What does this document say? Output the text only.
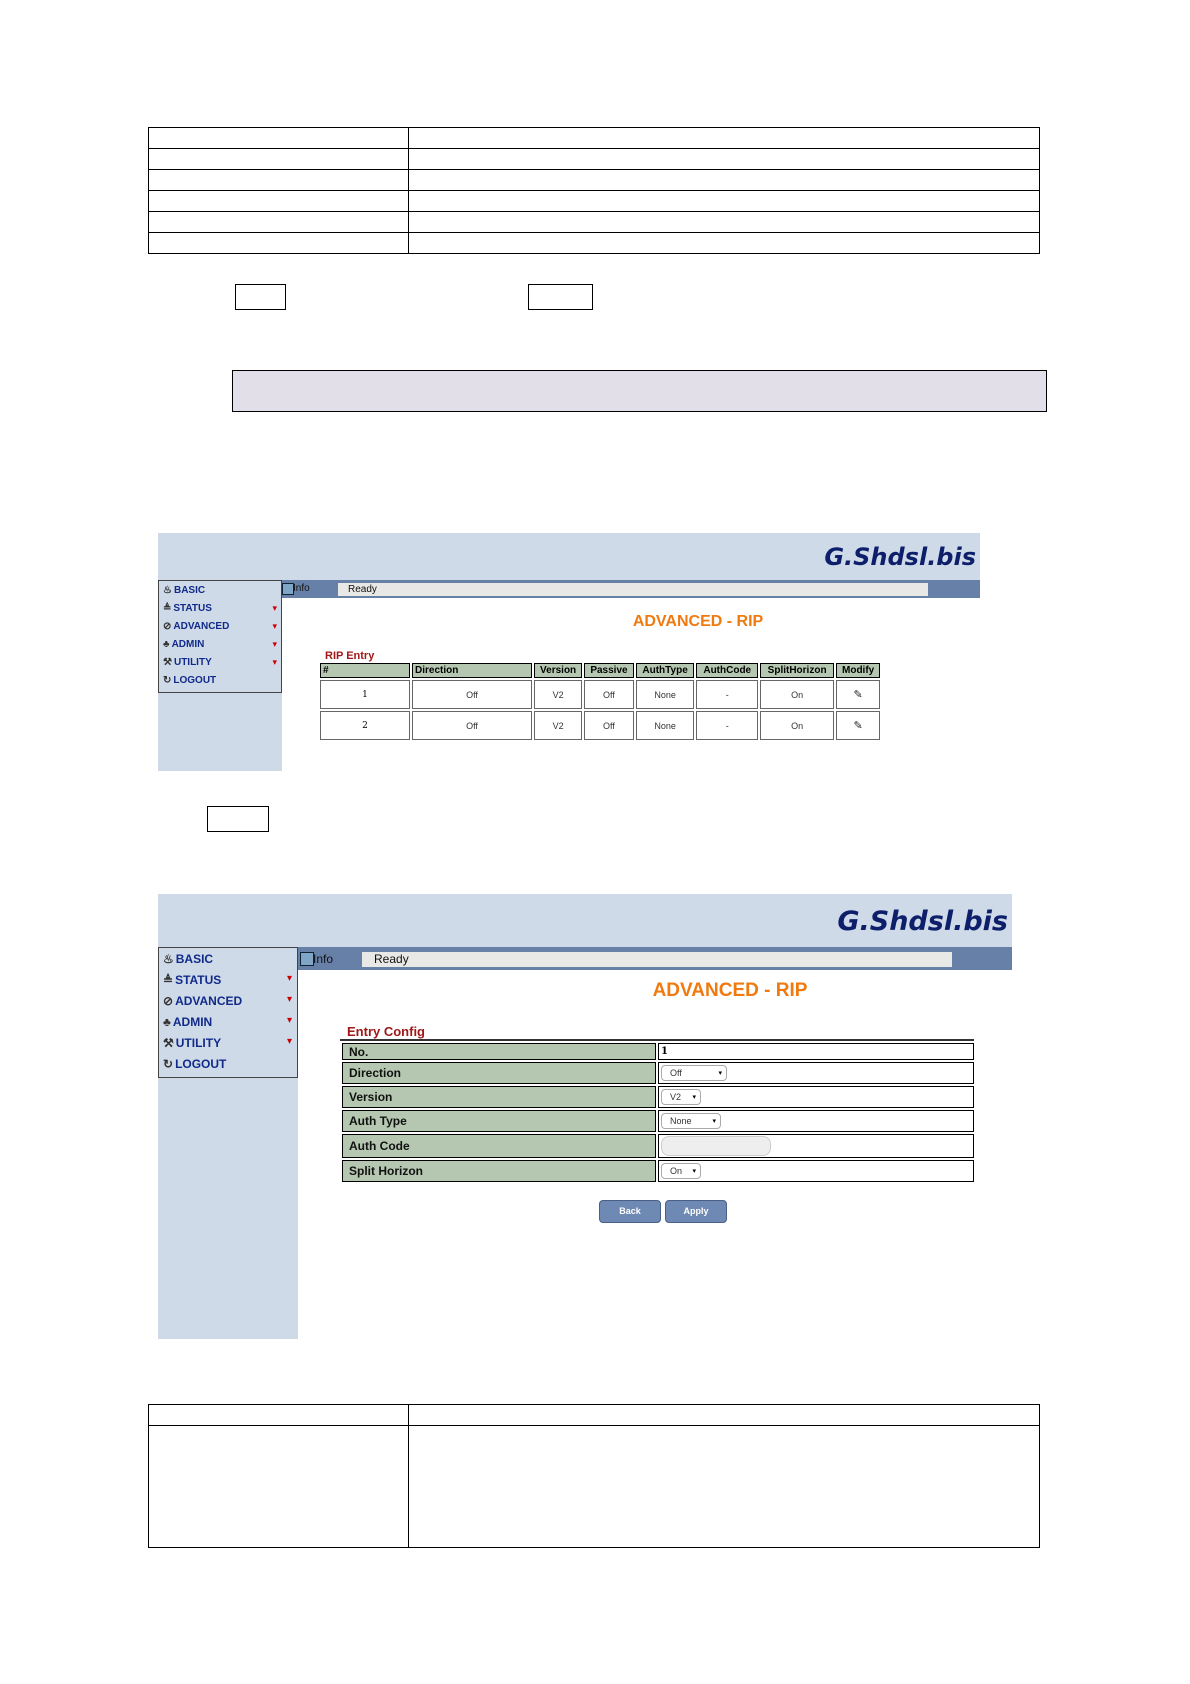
G.Shdsl.bis
Info	Ready
♨ BASIC
≜ STATUS	▾
⊘ ADVANCED	▾
♣ ADMIN	▾
⚒ UTILITY	▾
↻ LOGOUT
ADVANCED - RIP
RIP Entry
#	Direction	Version	Passive	AuthType	AuthCode	SplitHorizon	Modify
1	Off	V2	Off	None	-	On	✎
2	Off	V2	Off	None	-	On	✎
G.Shdsl.bis
Info	Ready
♨ BASIC
≜ STATUS	▾
⊘ ADVANCED	▾
♣ ADMIN	▾
⚒ UTILITY	▾
↻ LOGOUT
ADVANCED - RIP
Entry Config
No.	1
Direction	Off ▾

Version	V2 ▾

Auth Type	None ▾

Auth Code	
Split Horizon	On ▾
Back	Apply
